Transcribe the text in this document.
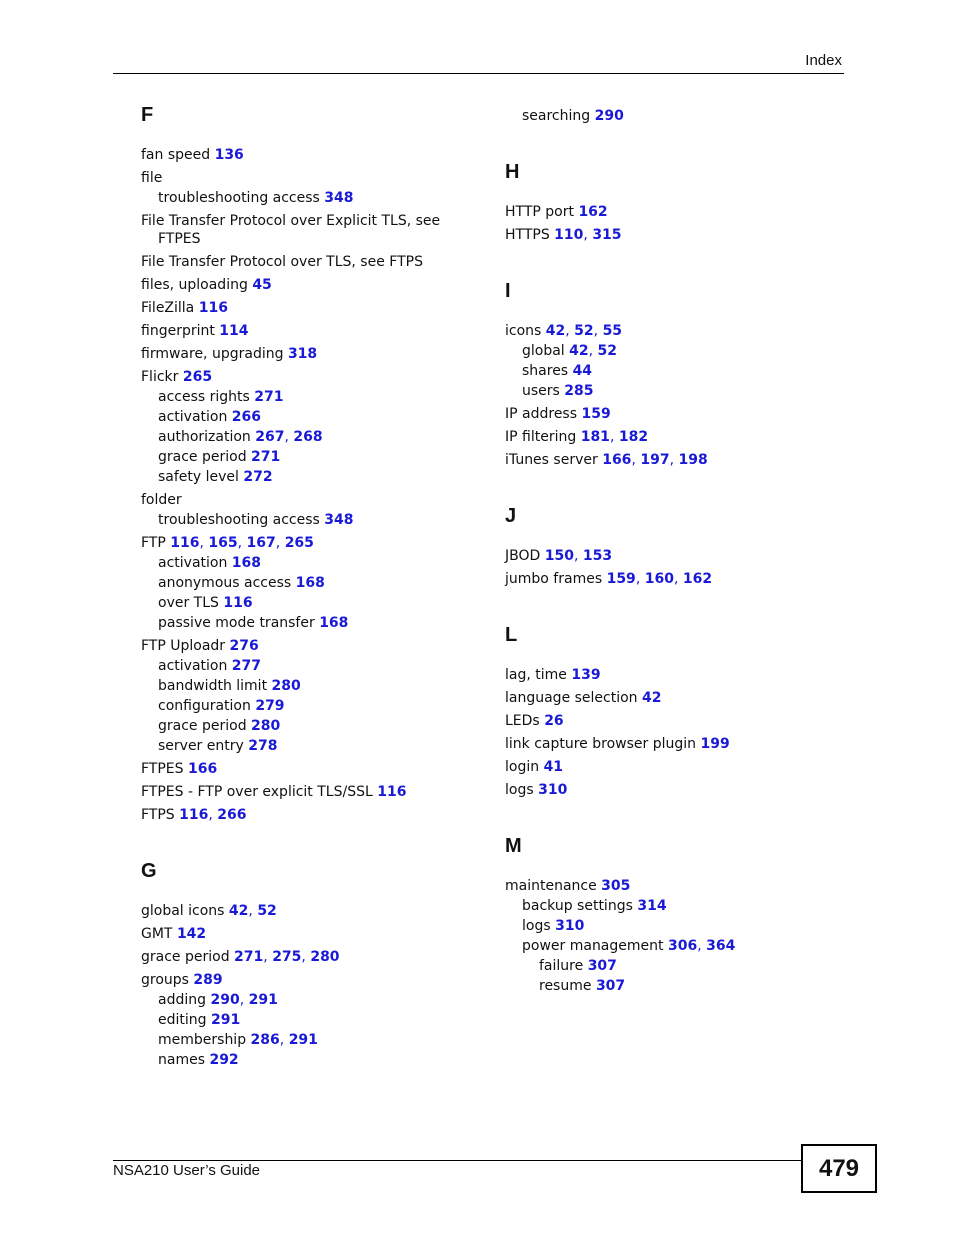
Index
F
fan speed 136
file
troubleshooting access 348
File Transfer Protocol over Explicit TLS, see FTPES
File Transfer Protocol over TLS, see FTPS
files, uploading 45
FileZilla 116
fingerprint 114
firmware, upgrading 318
Flickr 265
access rights 271
activation 266
authorization 267, 268
grace period 271
safety level 272
folder
troubleshooting access 348
FTP 116, 165, 167, 265
activation 168
anonymous access 168
over TLS 116
passive mode transfer 168
FTP Uploadr 276
activation 277
bandwidth limit 280
configuration 279
grace period 280
server entry 278
FTPES 166
FTPES - FTP over explicit TLS/SSL 116
FTPS 116, 266
G
global icons 42, 52
GMT 142
grace period 271, 275, 280
groups 289
adding 290, 291
editing 291
membership 286, 291
names 292
searching 290
H
HTTP port 162
HTTPS 110, 315
I
icons 42, 52, 55
global 42, 52
shares 44
users 285
IP address 159
IP filtering 181, 182
iTunes server 166, 197, 198
J
JBOD 150, 153
jumbo frames 159, 160, 162
L
lag, time 139
language selection 42
LEDs 26
link capture browser plugin 199
login 41
logs 310
M
maintenance 305
backup settings 314
logs 310
power management 306, 364
failure 307
resume 307
NSA210 User’s Guide	479
